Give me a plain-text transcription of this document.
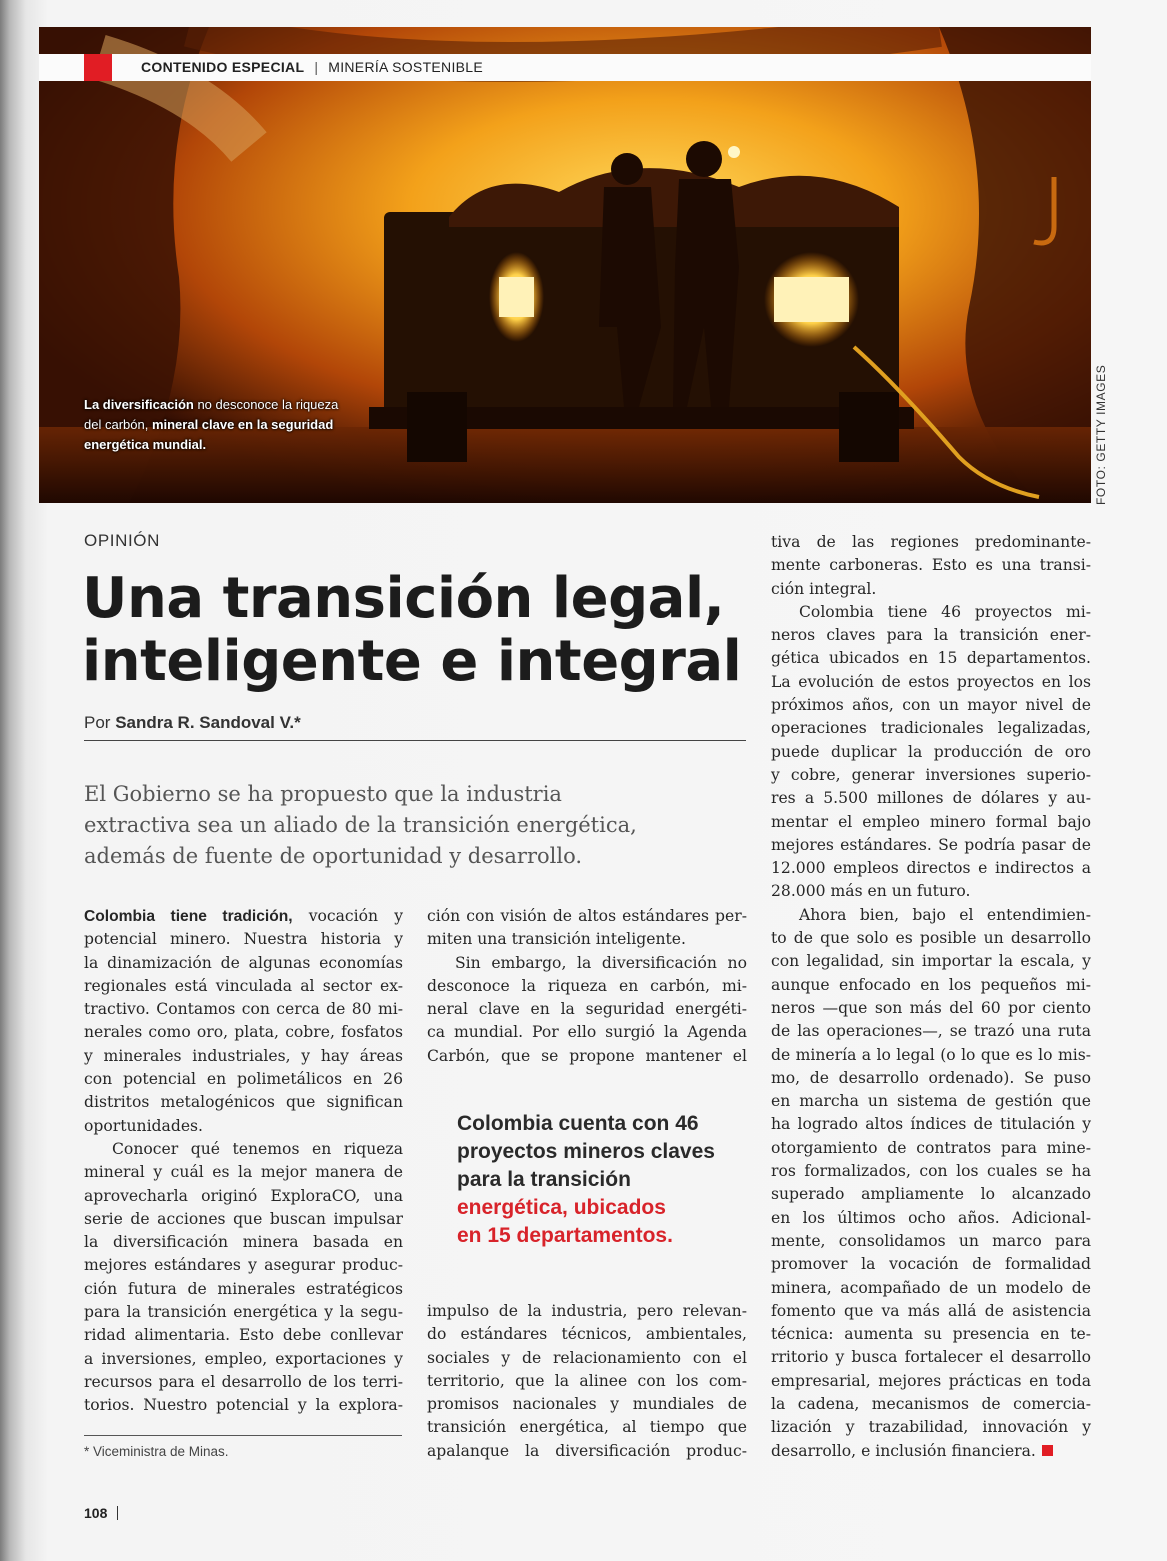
La diversificación no desconoce la riqueza del carbón, mineral clave en la seguridad energética mundial.
CONTENIDO ESPECIAL | MINERÍA SOSTENIBLE
FOTO: GETTY IMAGES
OPINIÓN
Una transición legal,
inteligente e integral
Por Sandra R. Sandoval V.*
El Gobierno se ha propuesto que la industria
extractiva sea un aliado de la transición energética,
además de fuente de oportunidad y desarrollo.
Colombia tiene tradición, vocación y
potencial minero. Nuestra historia y
la dinamización de algunas economías
regionales está vinculada al sector ex-
tractivo. Contamos con cerca de 80 mi-
nerales como oro, plata, cobre, fosfatos
y minerales industriales, y hay áreas
con potencial en polimetálicos en 26
distritos metalogénicos que significan
oportunidades.
Conocer qué tenemos en riqueza
mineral y cuál es la mejor manera de
aprovecharla originó ExploraCO, una
serie de acciones que buscan impulsar
la diversificación minera basada en
mejores estándares y asegurar produc-
ción futura de minerales estratégicos
para la transición energética y la segu-
ridad alimentaria. Esto debe conllevar
a inversiones, empleo, exportaciones y
recursos para el desarrollo de los terri-
torios. Nuestro potencial y la explora-
ción con visión de altos estándares per-
miten una transición inteligente.
Sin embargo, la diversificación no
desconoce la riqueza en carbón, mi-
neral clave en la seguridad energéti-
ca mundial. Por ello surgió la Agenda
Carbón, que se propone mantener el
Colombia cuenta con 46
proyectos mineros claves
para la transición
energética, ubicados
en 15 departamentos.
impulso de la industria, pero relevan-
do estándares técnicos, ambientales,
sociales y de relacionamiento con el
territorio, que la alinee con los com-
promisos nacionales y mundiales de
transición energética, al tiempo que
apalanque la diversificación produc-
tiva de las regiones predominante-
mente carboneras. Esto es una transi-
ción integral.
Colombia tiene 46 proyectos mi-
neros claves para la transición ener-
gética ubicados en 15 departamentos.
La evolución de estos proyectos en los
próximos años, con un mayor nivel de
operaciones tradicionales legalizadas,
puede duplicar la producción de oro
y cobre, generar inversiones superio-
res a 5.500 millones de dólares y au-
mentar el empleo minero formal bajo
mejores estándares. Se podría pasar de
12.000 empleos directos e indirectos a
28.000 más en un futuro.
Ahora bien, bajo el entendimien-
to de que solo es posible un desarrollo
con legalidad, sin importar la escala, y
aunque enfocado en los pequeños mi-
neros —que son más del 60 por ciento
de las operaciones—, se trazó una ruta
de minería a lo legal (o lo que es lo mis-
mo, de desarrollo ordenado). Se puso
en marcha un sistema de gestión que
ha logrado altos índices de titulación y
otorgamiento de contratos para mine-
ros formalizados, con los cuales se ha
superado ampliamente lo alcanzado
en los últimos ocho años. Adicional-
mente, consolidamos un marco para
promover la vocación de formalidad
minera, acompañado de un modelo de
fomento que va más allá de asistencia
técnica: aumenta su presencia en te-
rritorio y busca fortalecer el desarrollo
empresarial, mejores prácticas en toda
la cadena, mecanismos de comercia-
lización y trazabilidad, innovación y
desarrollo, e inclusión financiera.
* Viceministra de Minas.
108
